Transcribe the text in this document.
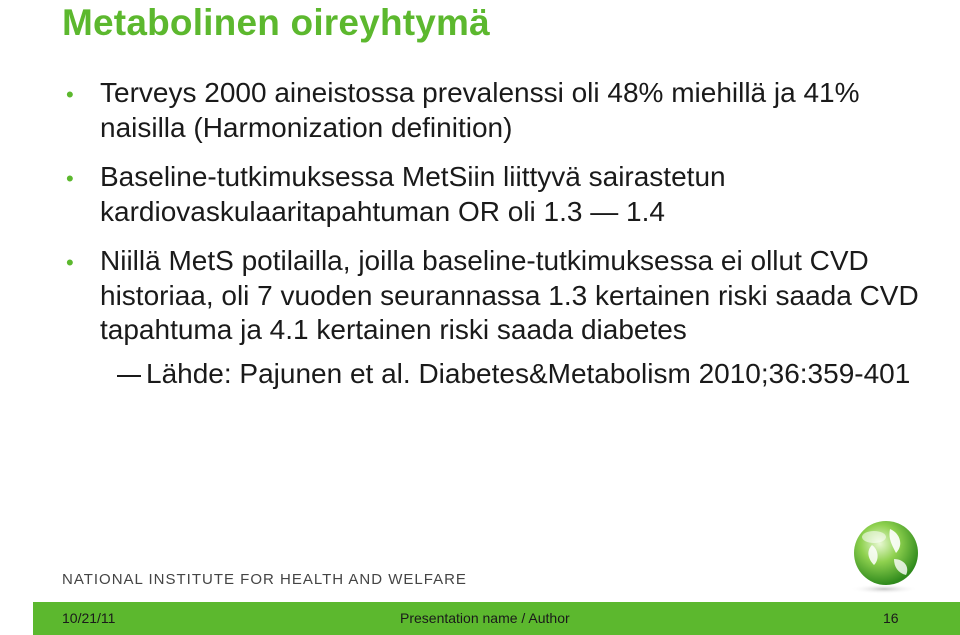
Metabolinen oireyhtymä
• Terveys 2000 aineistossa prevalenssi oli 48% miehillä ja 41% naisilla (Harmonization definition)
• Baseline-tutkimuksessa MetSiin liittyvä sairastetun kardiovaskulaaritapahtuman OR oli 1.3 — 1.4
• Niillä MetS potilailla, joilla baseline-tutkimuksessa ei ollut CVD historiaa, oli 7 vuoden seurannassa 1.3 kertainen riski saada CVD tapahtuma ja 4.1 kertainen riski saada diabetes
Lähde: Pajunen et al. Diabetes&Metabolism 2010;36:359-401
NATIONAL INSTITUTE FOR HEALTH AND WELFARE
10/21/11	Presentation name / Author	16
